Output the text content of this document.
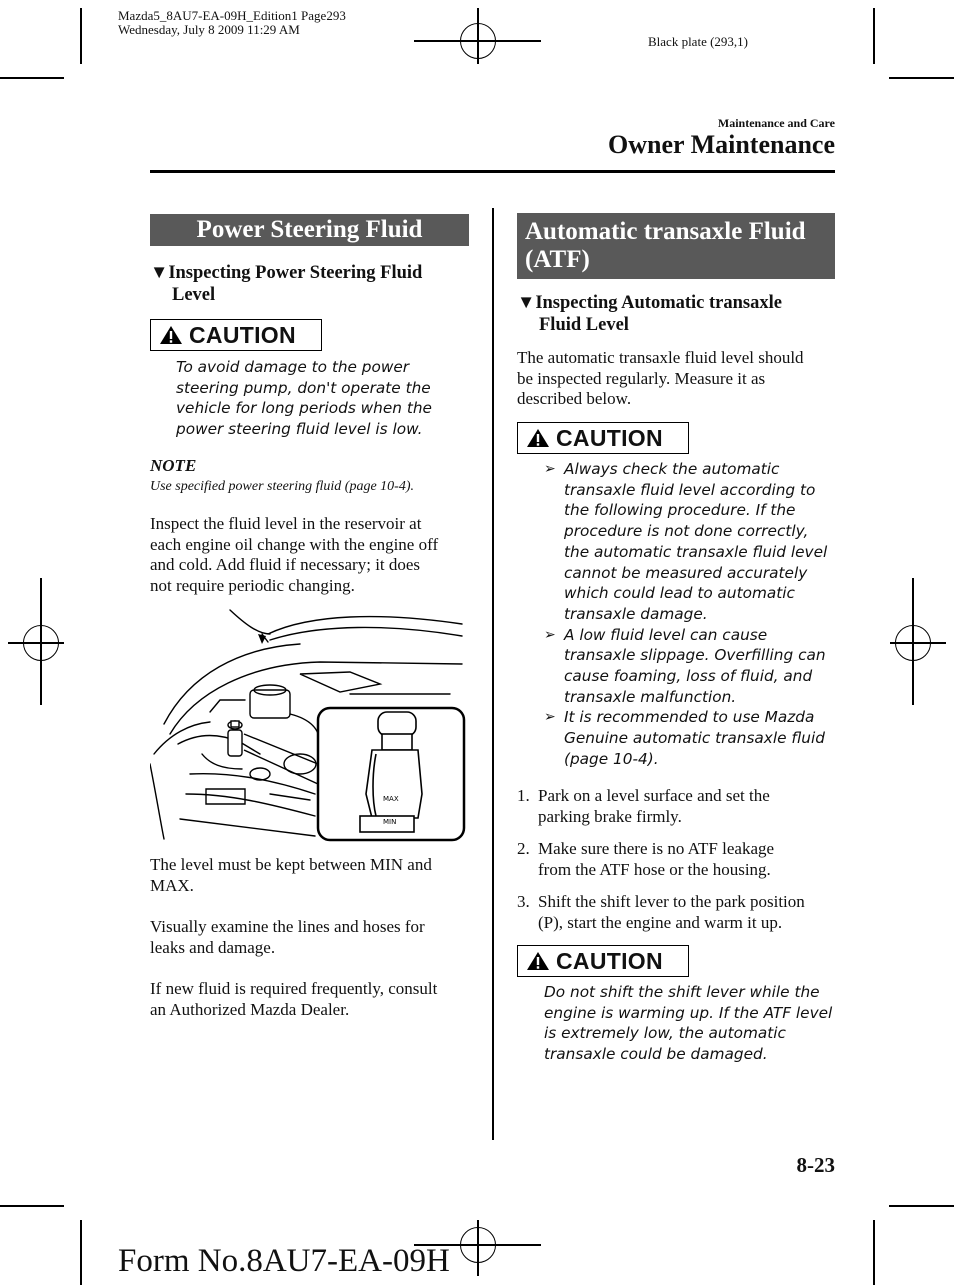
Mazda5_8AU7-EA-09H_Edition1 Page293
Wednesday, July 8 2009 11:29 AM
Black plate (293,1)
Maintenance and Care
Owner Maintenance
Power Steering Fluid
▼Inspecting Power Steering Fluid
Level
CAUTION
To avoid damage to the power
steering pump, don't operate the
vehicle for long periods when the
power steering fluid level is low.
NOTE
Use specified power steering fluid (page 10-4).
Inspect the fluid level in the reservoir at
each engine oil change with the engine off
and cold. Add fluid if necessary; it does
not require periodic changing.
MAX
MIN
The level must be kept between MIN and
MAX.
Visually examine the lines and hoses for
leaks and damage.
If new fluid is required frequently, consult
an Authorized Mazda Dealer.
Automatic transaxle Fluid
(ATF)
▼Inspecting Automatic transaxle
Fluid Level
The automatic transaxle fluid level should
be inspected regularly. Measure it as
described below.
CAUTION
➢ Always check the automatic
transaxle fluid level according to
the following procedure. If the
procedure is not done correctly,
the automatic transaxle fluid level
cannot be measured accurately
which could lead to automatic
transaxle damage.
➢ A low fluid level can cause
transaxle slippage. Overfilling can
cause foaming, loss of fluid, and
transaxle malfunction.
➢ It is recommended to use Mazda
Genuine automatic transaxle fluid
(page 10-4).
1. Park on a level surface and set the
parking brake firmly.
2. Make sure there is no ATF leakage
from the ATF hose or the housing.
3. Shift the shift lever to the park position
(P), start the engine and warm it up.
CAUTION
Do not shift the shift lever while the
engine is warming up. If the ATF level
is extremely low, the automatic
transaxle could be damaged.
8-23
Form No.8AU7-EA-09H
